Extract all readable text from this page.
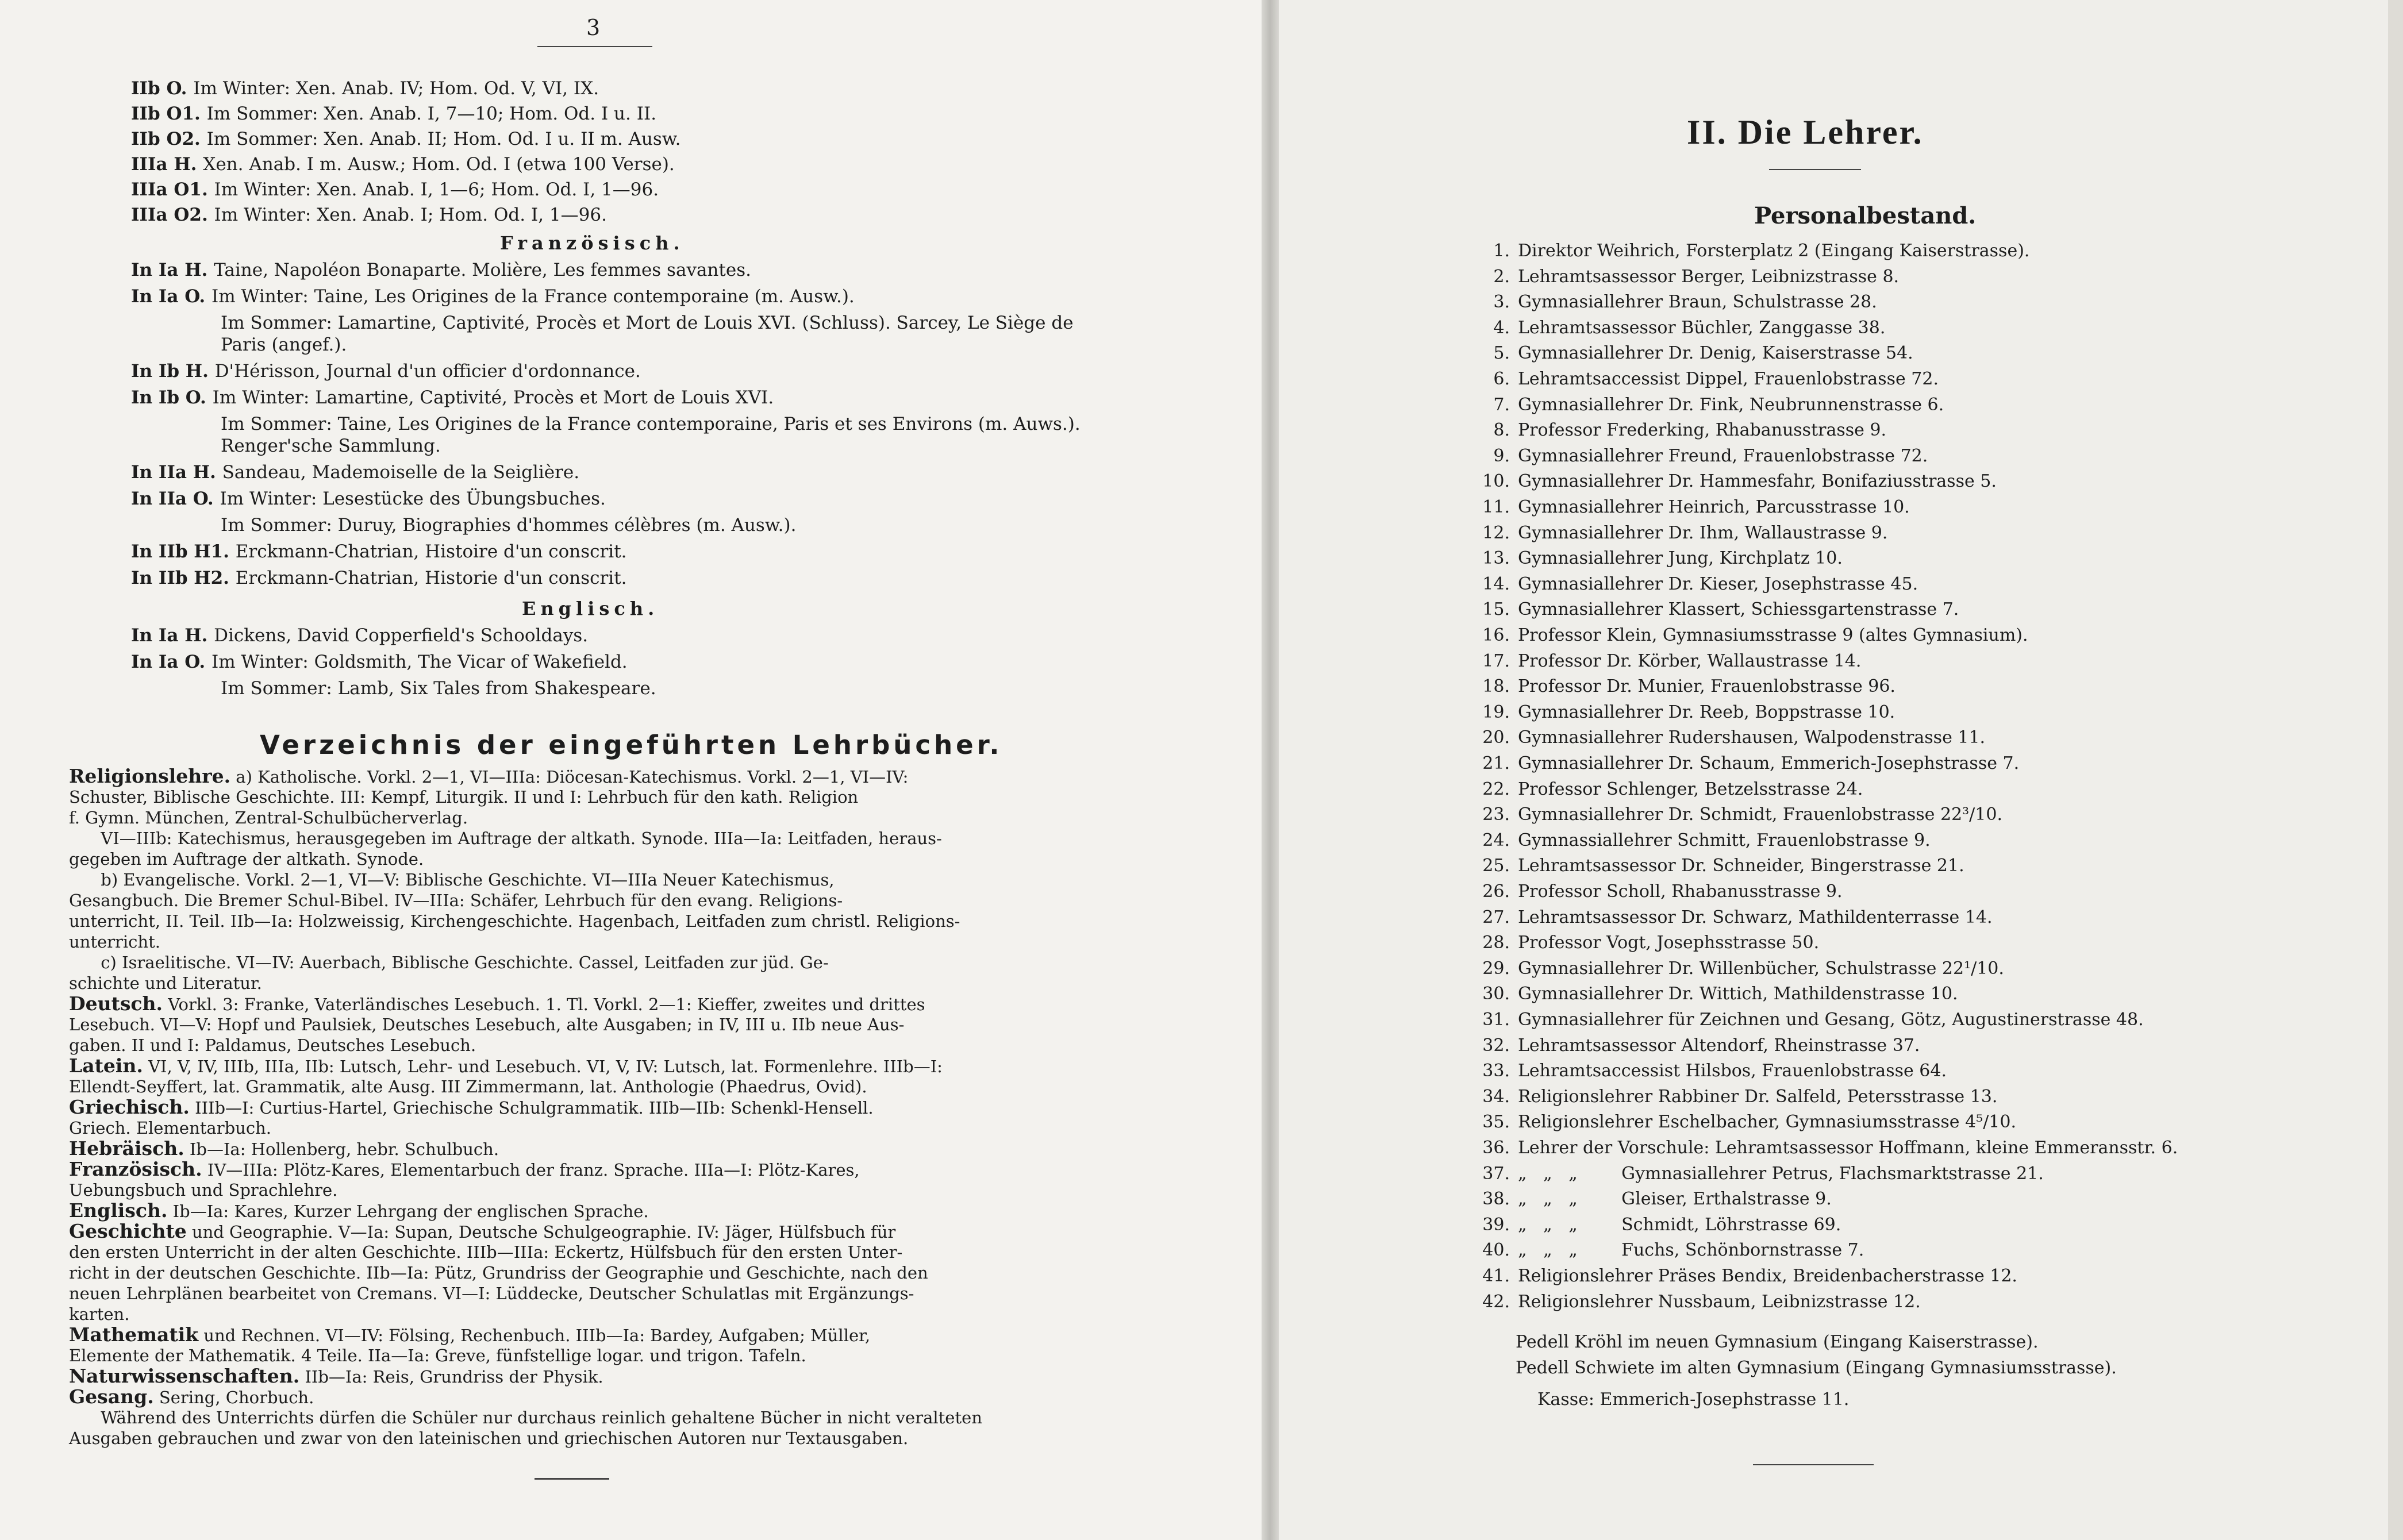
3
IIb O. Im Winter: Xen. Anab. IV; Hom. Od. V, VI, IX.
IIb O1. Im Sommer: Xen. Anab. I, 7—10; Hom. Od. I u. II.
IIb O2. Im Sommer: Xen. Anab. II; Hom. Od. I u. II m. Ausw.
IIIa H. Xen. Anab. I m. Ausw.; Hom. Od. I (etwa 100 Verse).
IIIa O1. Im Winter: Xen. Anab. I, 1—6; Hom. Od. I, 1—96.
IIIa O2. Im Winter: Xen. Anab. I; Hom. Od. I, 1—96.
Französisch.
In Ia H. Taine, Napoléon Bonaparte. Molière, Les femmes savantes.
In Ia O. Im Winter: Taine, Les Origines de la France contemporaine (m. Ausw.).
Im Sommer: Lamartine, Captivité, Procès et Mort de Louis XVI. (Schluss). Sarcey, Le Siège de
Paris (angef.).
In Ib H. D'Hérisson, Journal d'un officier d'ordonnance.
In Ib O. Im Winter: Lamartine, Captivité, Procès et Mort de Louis XVI.
Im Sommer: Taine, Les Origines de la France contemporaine, Paris et ses Environs (m. Auws.).
Renger'sche Sammlung.
In IIa H. Sandeau, Mademoiselle de la Seiglière.
In IIa O. Im Winter: Lesestücke des Übungsbuches.
Im Sommer: Duruy, Biographies d'hommes célèbres (m. Ausw.).
In IIb H1. Erckmann-Chatrian, Histoire d'un conscrit.
In IIb H2. Erckmann-Chatrian, Historie d'un conscrit.
Englisch.
In Ia H. Dickens, David Copperfield's Schooldays.
In Ia O. Im Winter: Goldsmith, The Vicar of Wakefield.
Im Sommer: Lamb, Six Tales from Shakespeare.
Verzeichnis der eingeführten Lehrbücher.
Religionslehre. a) Katholische. Vorkl. 2—1, VI—IIIa: Diöcesan-Katechismus. Vorkl. 2—1, VI—IV:
Schuster, Biblische Geschichte. III: Kempf, Liturgik. II und I: Lehrbuch für den kath. Religion
f. Gymn. München, Zentral-Schulbücherverlag.
VI—IIIb: Katechismus, herausgegeben im Auftrage der altkath. Synode. IIIa—Ia: Leitfaden, heraus-
gegeben im Auftrage der altkath. Synode.
b) Evangelische. Vorkl. 2—1, VI—V: Biblische Geschichte. VI—IIIa Neuer Katechismus,
Gesangbuch. Die Bremer Schul-Bibel. IV—IIIa: Schäfer, Lehrbuch für den evang. Religions-
unterricht, II. Teil. IIb—Ia: Holzweissig, Kirchengeschichte. Hagenbach, Leitfaden zum christl. Religions-
unterricht.
c) Israelitische. VI—IV: Auerbach, Biblische Geschichte. Cassel, Leitfaden zur jüd. Ge-
schichte und Literatur.
Deutsch. Vorkl. 3: Franke, Vaterländisches Lesebuch. 1. Tl. Vorkl. 2—1: Kieffer, zweites und drittes
Lesebuch. VI—V: Hopf und Paulsiek, Deutsches Lesebuch, alte Ausgaben; in IV, III u. IIb neue Aus-
gaben. II und I: Paldamus, Deutsches Lesebuch.
Latein. VI, V, IV, IIIb, IIIa, IIb: Lutsch, Lehr- und Lesebuch. VI, V, IV: Lutsch, lat. Formenlehre. IIIb—I:
Ellendt-Seyffert, lat. Grammatik, alte Ausg. III Zimmermann, lat. Anthologie (Phaedrus, Ovid).
Griechisch. IIIb—I: Curtius-Hartel, Griechische Schulgrammatik. IIIb—IIb: Schenkl-Hensell.
Griech. Elementarbuch.
Hebräisch. Ib—Ia: Hollenberg, hebr. Schulbuch.
Französisch. IV—IIIa: Plötz-Kares, Elementarbuch der franz. Sprache. IIIa—I: Plötz-Kares,
Uebungsbuch und Sprachlehre.
Englisch. Ib—Ia: Kares, Kurzer Lehrgang der englischen Sprache.
Geschichte und Geographie. V—Ia: Supan, Deutsche Schulgeographie. IV: Jäger, Hülfsbuch für
den ersten Unterricht in der alten Geschichte. IIIb—IIIa: Eckertz, Hülfsbuch für den ersten Unter-
richt in der deutschen Geschichte. IIb—Ia: Pütz, Grundriss der Geographie und Geschichte, nach den
neuen Lehrplänen bearbeitet von Cremans. VI—I: Lüddecke, Deutscher Schulatlas mit Ergänzungs-
karten.
Mathematik und Rechnen. VI—IV: Fölsing, Rechenbuch. IIIb—Ia: Bardey, Aufgaben; Müller,
Elemente der Mathematik. 4 Teile. IIa—Ia: Greve, fünfstellige logar. und trigon. Tafeln.
Naturwissenschaften. IIb—Ia: Reis, Grundriss der Physik.
Gesang. Sering, Chorbuch.
Während des Unterrichts dürfen die Schüler nur durchaus reinlich gehaltene Bücher in nicht veralteten
Ausgaben gebrauchen und zwar von den lateinischen und griechischen Autoren nur Textausgaben.
II. Die Lehrer.
Personalbestand.
1. Direktor Weihrich, Forsterplatz 2 (Eingang Kaiserstrasse).
2. Lehramtsassessor Berger, Leibnizstrasse 8.
3. Gymnasiallehrer Braun, Schulstrasse 28.
4. Lehramtsassessor Büchler, Zanggasse 38.
5. Gymnasiallehrer Dr. Denig, Kaiserstrasse 54.
6. Lehramtsaccessist Dippel, Frauenlobstrasse 72.
7. Gymnasiallehrer Dr. Fink, Neubrunnenstrasse 6.
8. Professor Frederking, Rhabanusstrasse 9.
9. Gymnasiallehrer Freund, Frauenlobstrasse 72.
10. Gymnasiallehrer Dr. Hammesfahr, Bonifaziusstrasse 5.
11. Gymnasiallehrer Heinrich, Parcusstrasse 10.
12. Gymnasiallehrer Dr. Ihm, Wallaustrasse 9.
13. Gymnasiallehrer Jung, Kirchplatz 10.
14. Gymnasiallehrer Dr. Kieser, Josephstrasse 45.
15. Gymnasiallehrer Klassert, Schiessgartenstrasse 7.
16. Professor Klein, Gymnasiumsstrasse 9 (altes Gymnasium).
17. Professor Dr. Körber, Wallaustrasse 14.
18. Professor Dr. Munier, Frauenlobstrasse 96.
19. Gymnasiallehrer Dr. Reeb, Boppstrasse 10.
20. Gymnasiallehrer Rudershausen, Walpodenstrasse 11.
21. Gymnasiallehrer Dr. Schaum, Emmerich-Josephstrasse 7.
22. Professor Schlenger, Betzelsstrasse 24.
23. Gymnasiallehrer Dr. Schmidt, Frauenlobstrasse 22³/10.
24. Gymnassiallehrer Schmitt, Frauenlobstrasse 9.
25. Lehramtsassessor Dr. Schneider, Bingerstrasse 21.
26. Professor Scholl, Rhabanusstrasse 9.
27. Lehramtsassessor Dr. Schwarz, Mathildenterrasse 14.
28. Professor Vogt, Josephsstrasse 50.
29. Gymnasiallehrer Dr. Willenbücher, Schulstrasse 22¹/10.
30. Gymnasiallehrer Dr. Wittich, Mathildenstrasse 10.
31. Gymnasiallehrer für Zeichnen und Gesang, Götz, Augustinerstrasse 48.
32. Lehramtsassessor Altendorf, Rheinstrasse 37.
33. Lehramtsaccessist Hilsbos, Frauenlobstrasse 64.
34. Religionslehrer Rabbiner Dr. Salfeld, Petersstrasse 13.
35. Religionslehrer Eschelbacher, Gymnasiumsstrasse 4⁵/10.
36. Lehrer der Vorschule: Lehramtsassessor Hoffmann, kleine Emmeransstr. 6.
37. „   „   „        Gymnasiallehrer Petrus, Flachsmarktstrasse 21.
38. „   „   „        Gleiser, Erthalstrasse 9.
39. „   „   „        Schmidt, Löhrstrasse 69.
40. „   „   „        Fuchs, Schönbornstrasse 7.
41. Religionslehrer Präses Bendix, Breidenbacherstrasse 12.
42. Religionslehrer Nussbaum, Leibnizstrasse 12.
Pedell Kröhl im neuen Gymnasium (Eingang Kaiserstrasse).
Pedell Schwiete im alten Gymnasium (Eingang Gymnasiumsstrasse).
Kasse: Emmerich-Josephstrasse 11.
